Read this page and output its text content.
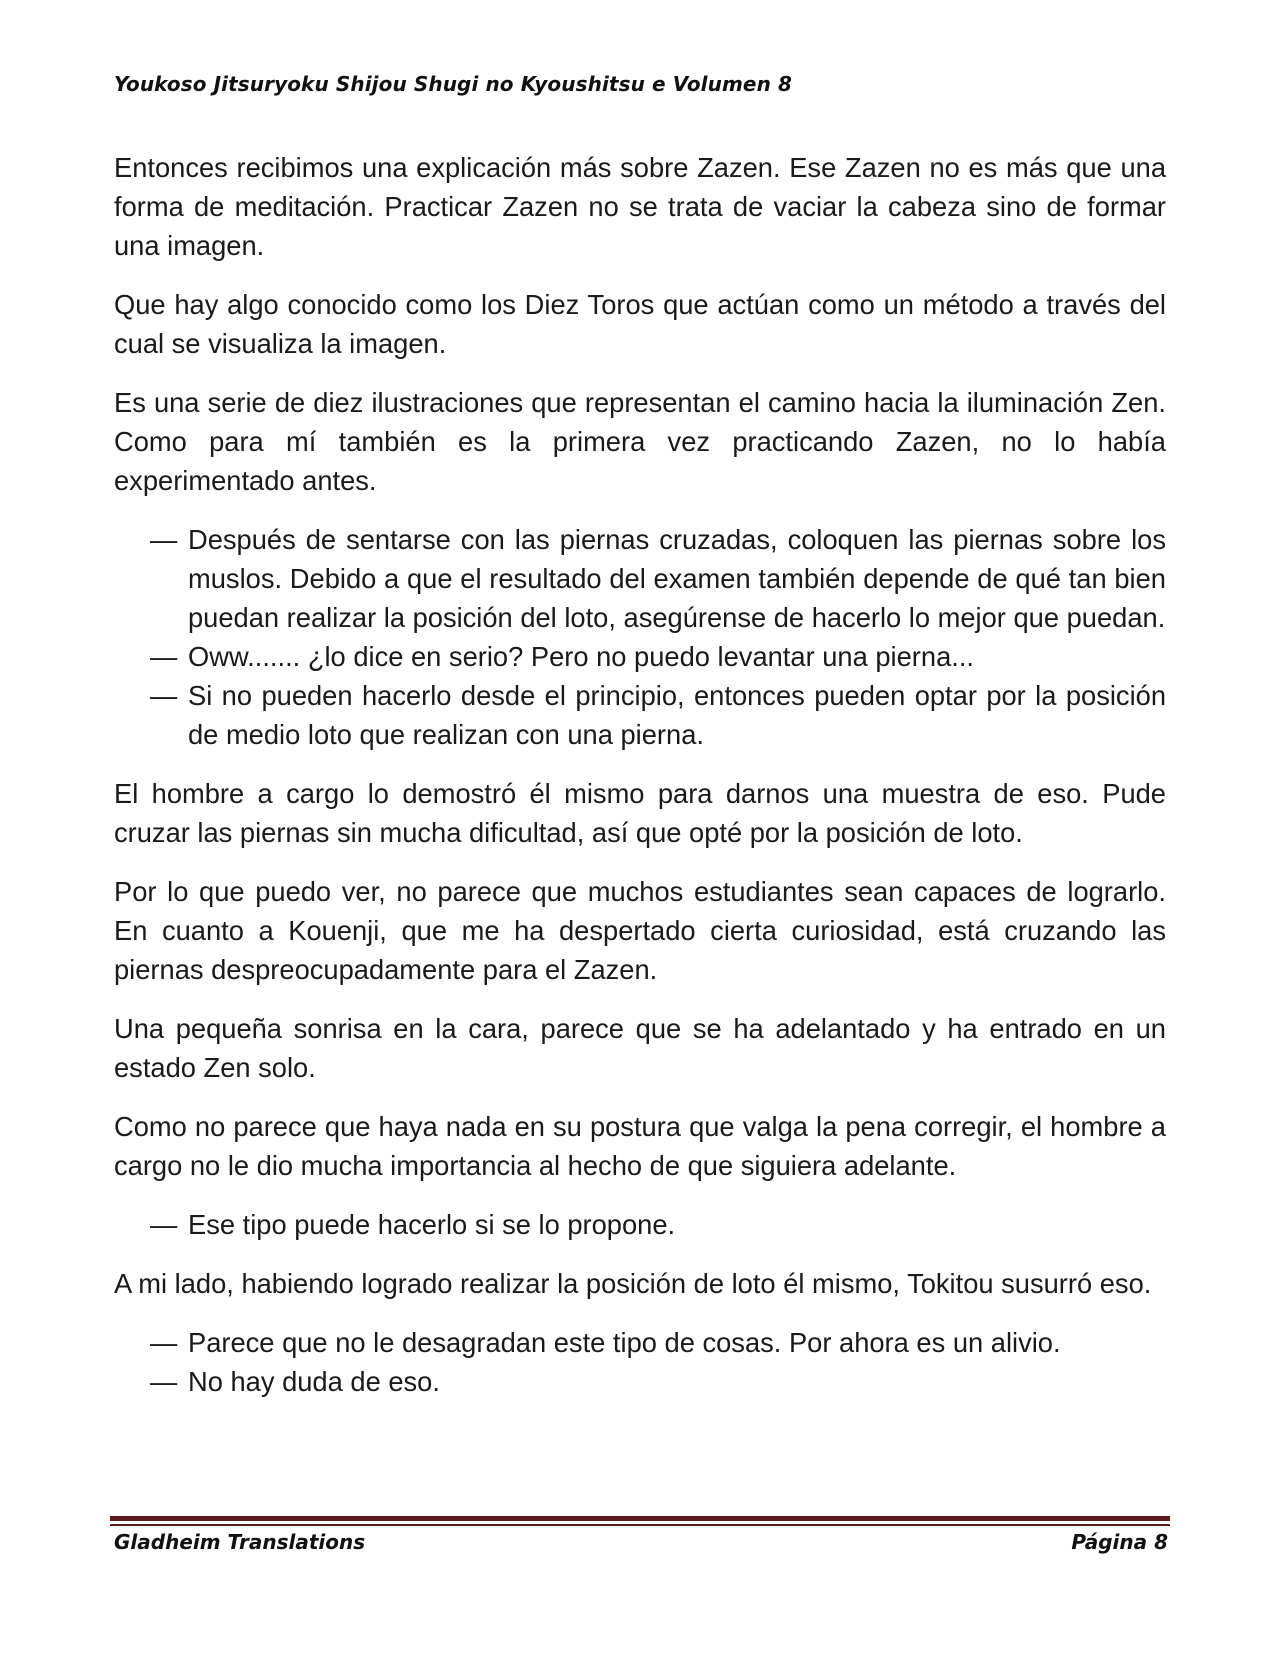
Youkoso Jitsuryoku Shijou Shugi no Kyoushitsu e Volumen 8

Entonces recibimos una explicación más sobre Zazen. Ese Zazen no es más que una forma de meditación. Practicar Zazen no se trata de vaciar la cabeza sino de formar una imagen.

Que hay algo conocido como los Diez Toros que actúan como un método a través del cual se visualiza la imagen.

Es una serie de diez ilustraciones que representan el camino hacia la iluminación Zen. Como para mí también es la primera vez practicando Zazen, no lo había experimentado antes.

— Después de sentarse con las piernas cruzadas, coloquen las piernas sobre los muslos. Debido a que el resultado del examen también depende de qué tan bien puedan realizar la posición del loto, asegúrense de hacerlo lo mejor que puedan.
— Oww....... ¿lo dice en serio? Pero no puedo levantar una pierna...
— Si no pueden hacerlo desde el principio, entonces pueden optar por la posición de medio loto que realizan con una pierna.

El hombre a cargo lo demostró él mismo para darnos una muestra de eso. Pude cruzar las piernas sin mucha dificultad, así que opté por la posición de loto.

Por lo que puedo ver, no parece que muchos estudiantes sean capaces de lograrlo. En cuanto a Kouenji, que me ha despertado cierta curiosidad, está cruzando las piernas despreocupadamente para el Zazen.

Una pequeña sonrisa en la cara, parece que se ha adelantado y ha entrado en un estado Zen solo.

Como no parece que haya nada en su postura que valga la pena corregir, el hombre a cargo no le dio mucha importancia al hecho de que siguiera adelante.

— Ese tipo puede hacerlo si se lo propone.

A mi lado, habiendo logrado realizar la posición de loto él mismo, Tokitou susurró eso.

— Parece que no le desagradan este tipo de cosas. Por ahora es un alivio.
— No hay duda de eso.
Gladheim Translations	Página 8
